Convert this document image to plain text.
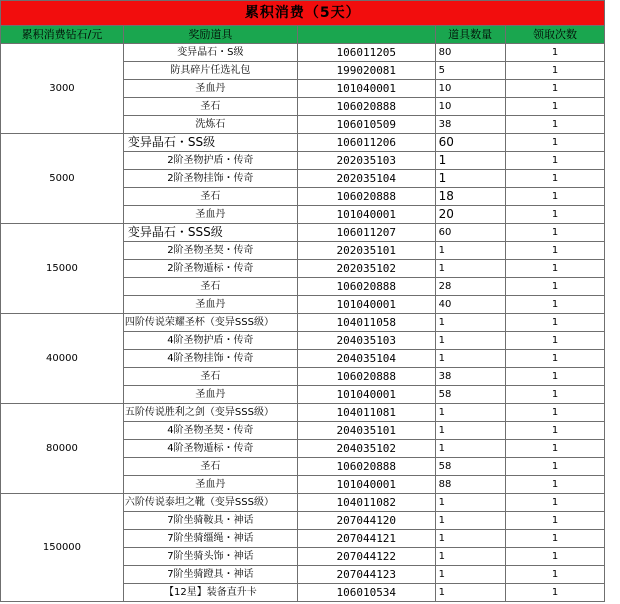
累积消费（5天）					
累积消费钻石/元	奖励道具		道具数量	领取次数	
3000	变异晶石・S级	106011205	80	1	
	防具碎片任选礼包	199020081	5	1	
	圣血丹	101040001	10	1	
	圣石	106020888	10	1	
	洗炼石	106010509	38	1	
5000	变异晶石・SS级	106011206	60	1	
	2阶圣物护盾・传奇	202035103	1	1	
	2阶圣物挂饰・传奇	202035104	1	1	
	圣石	106020888	18	1	
	圣血丹	101040001	20	1	
15000	变异晶石・SSS级	106011207	60	1	
	2阶圣物圣契・传奇	202035101	1	1	
	2阶圣物遁标・传奇	202035102	1	1	
	圣石	106020888	28	1	
	圣血丹	101040001	40	1	
40000	四阶传说荣耀圣杯（变异SSS级）	104011058	1	1	
	4阶圣物护盾・传奇	204035103	1	1	
	4阶圣物挂饰・传奇	204035104	1	1	
	圣石	106020888	38	1	
	圣血丹	101040001	58	1	
80000	五阶传说胜利之剑（变异SSS级）	104011081	1	1	
	4阶圣物圣契・传奇	204035101	1	1	
	4阶圣物遁标・传奇	204035102	1	1	
	圣石	106020888	58	1	
	圣血丹	101040001	88	1	
150000	六阶传说泰坦之靴（变异SSS级）	104011082	1	1	
	7阶坐骑鞍具・神话	207044120	1	1	
	7阶坐骑缰绳・神话	207044121	1	1	
	7阶坐骑头饰・神话	207044122	1	1	
	7阶坐骑蹬具・神话	207044123	1	1	
	【12星】装备直升卡	106010534	1	1	
